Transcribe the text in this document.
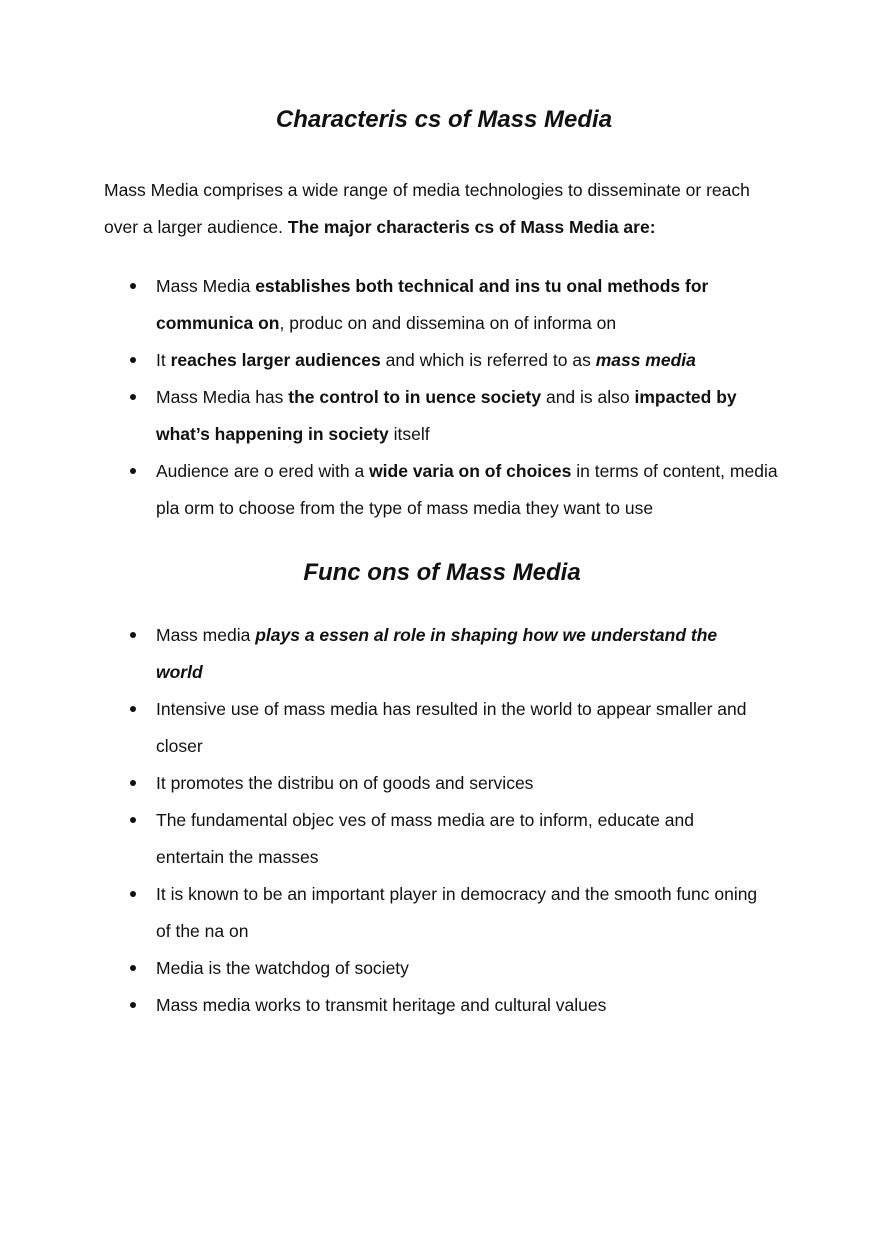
Characteris cs of Mass Media

Mass Media comprises a wide range of media technologies to disseminate or reach over a larger audience. The major characteris cs of Mass Media are:

Mass Media establishes both technical and ins tu onal methods for communica on, produc on and dissemina on of informa on
It reaches larger audiences and which is referred to as mass media
Mass Media has the control to in uence society and is also impacted by what’s happening in society itself
Audience are o ered with a wide varia on of choices in terms of content, media pla orm to choose from the type of mass media they want to use
Func ons of Mass Media
Mass media plays a essen al role in shaping how we understand the world
Intensive use of mass media has resulted in the world to appear smaller and closer
It promotes the distribu on of goods and services
The fundamental objec ves of mass media are to inform, educate and entertain the masses
It is known to be an important player in democracy and the smooth func oning of the na on
Media is the watchdog of society
Mass media works to transmit heritage and cultural values
